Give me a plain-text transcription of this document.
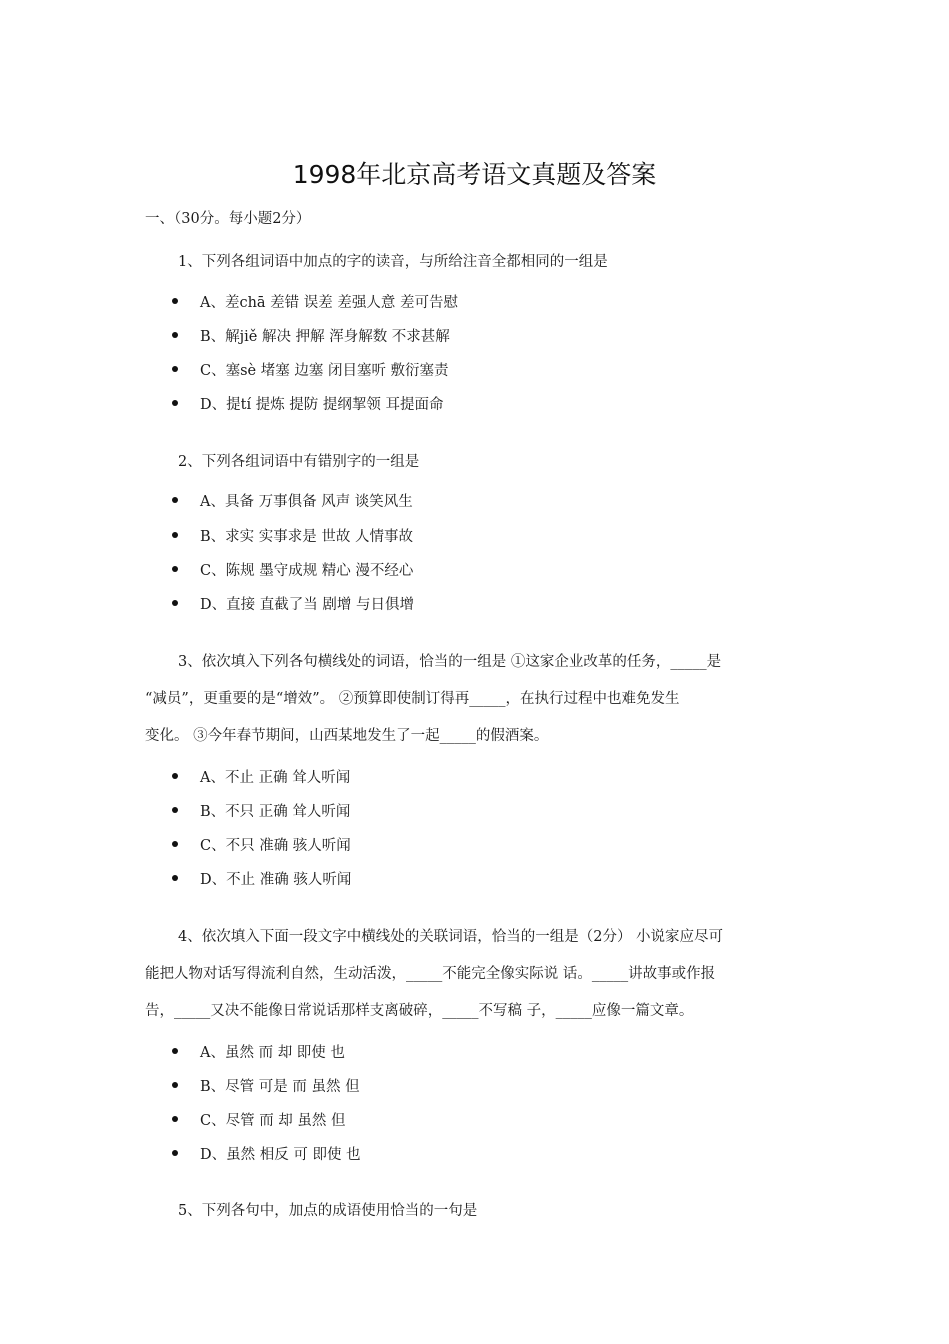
1998年北京高考语文真题及答案
一、（30分。每小题2分）
1、下列各组词语中加点的字的读音，与所给注音全都相同的一组是
A、差chā 差错 误差 差强人意 差可告慰
B、解jiě 解决 押解 浑身解数 不求甚解
C、塞sè 堵塞 边塞 闭目塞听 敷衍塞责
D、提tí 提炼 提防 提纲挈领 耳提面命
2、下列各组词语中有错别字的一组是
A、具备 万事俱备 风声 谈笑风生
B、求实 实事求是 世故 人情事故
C、陈规 墨守成规 精心 漫不经心
D、直接 直截了当 剧增 与日俱增
3、依次填入下列各句横线处的词语，恰当的一组是 ①这家企业改革的任务，_____是
“减员”，更重要的是“增效”。 ②预算即使制订得再_____，在执行过程中也难免发生
变化。 ③今年春节期间，山西某地发生了一起_____的假酒案。
A、不止 正确 耸人听闻
B、不只 正确 耸人听闻
C、不只 准确 骇人听闻
D、不止 准确 骇人听闻
4、依次填入下面一段文字中横线处的关联词语，恰当的一组是（2分） 小说家应尽可
能把人物对话写得流利自然，生动活泼，_____不能完全像实际说 话。_____讲故事或作报
告，_____又决不能像日常说话那样支离破碎，_____不写稿 子，_____应像一篇文章。
A、虽然 而 却 即使 也
B、尽管 可是 而 虽然 但
C、尽管 而 却 虽然 但
D、虽然 相反 可 即使 也
5、下列各句中，加点的成语使用恰当的一句是
